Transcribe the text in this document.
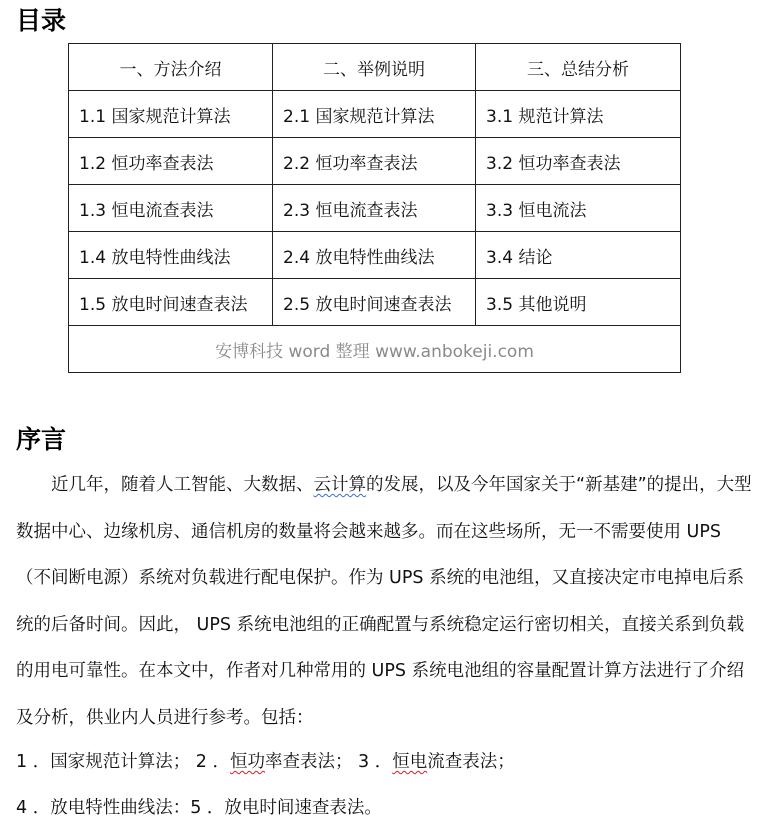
目录
一、方法介绍	二、举例说明	三、总结分析
1.1 国家规范计算法	2.1 国家规范计算法	3.1 规范计算法
1.2 恒功率查表法	2.2 恒功率查表法	3.2 恒功率查表法
1.3 恒电流查表法	2.3 恒电流查表法	3.3 恒电流法
1.4 放电特性曲线法	2.4 放电特性曲线法	3.4 结论
1.5 放电时间速查表法	2.5 放电时间速查表法	3.5 其他说明
安博科技 word 整理 www.anbokeji.com		
序言

近几年，随着人工智能、大数据、云计算的发展，以及今年国家关于“新基建”的提出，大型数据中心、边缘机房、通信机房的数量将会越来越多。而在这些场所，无一不需要使用 UPS（不间断电源）系统对负载进行配电保护。作为 UPS 系统的电池组，又直接决定市电掉电后系统的后备时间。因此， UPS 系统电池组的正确配置与系统稳定运行密切相关，直接关系到负载的用电可靠性。在本文中，作者对几种常用的 UPS 系统电池组的容量配置计算方法进行了介绍及分析，供业内人员进行参考。包括：

1 ．国家规范计算法； 2 ．恒功率查表法； 3 ．恒电流查表法；

4 ．放电特性曲线法：5 ．放电时间速查表法。
